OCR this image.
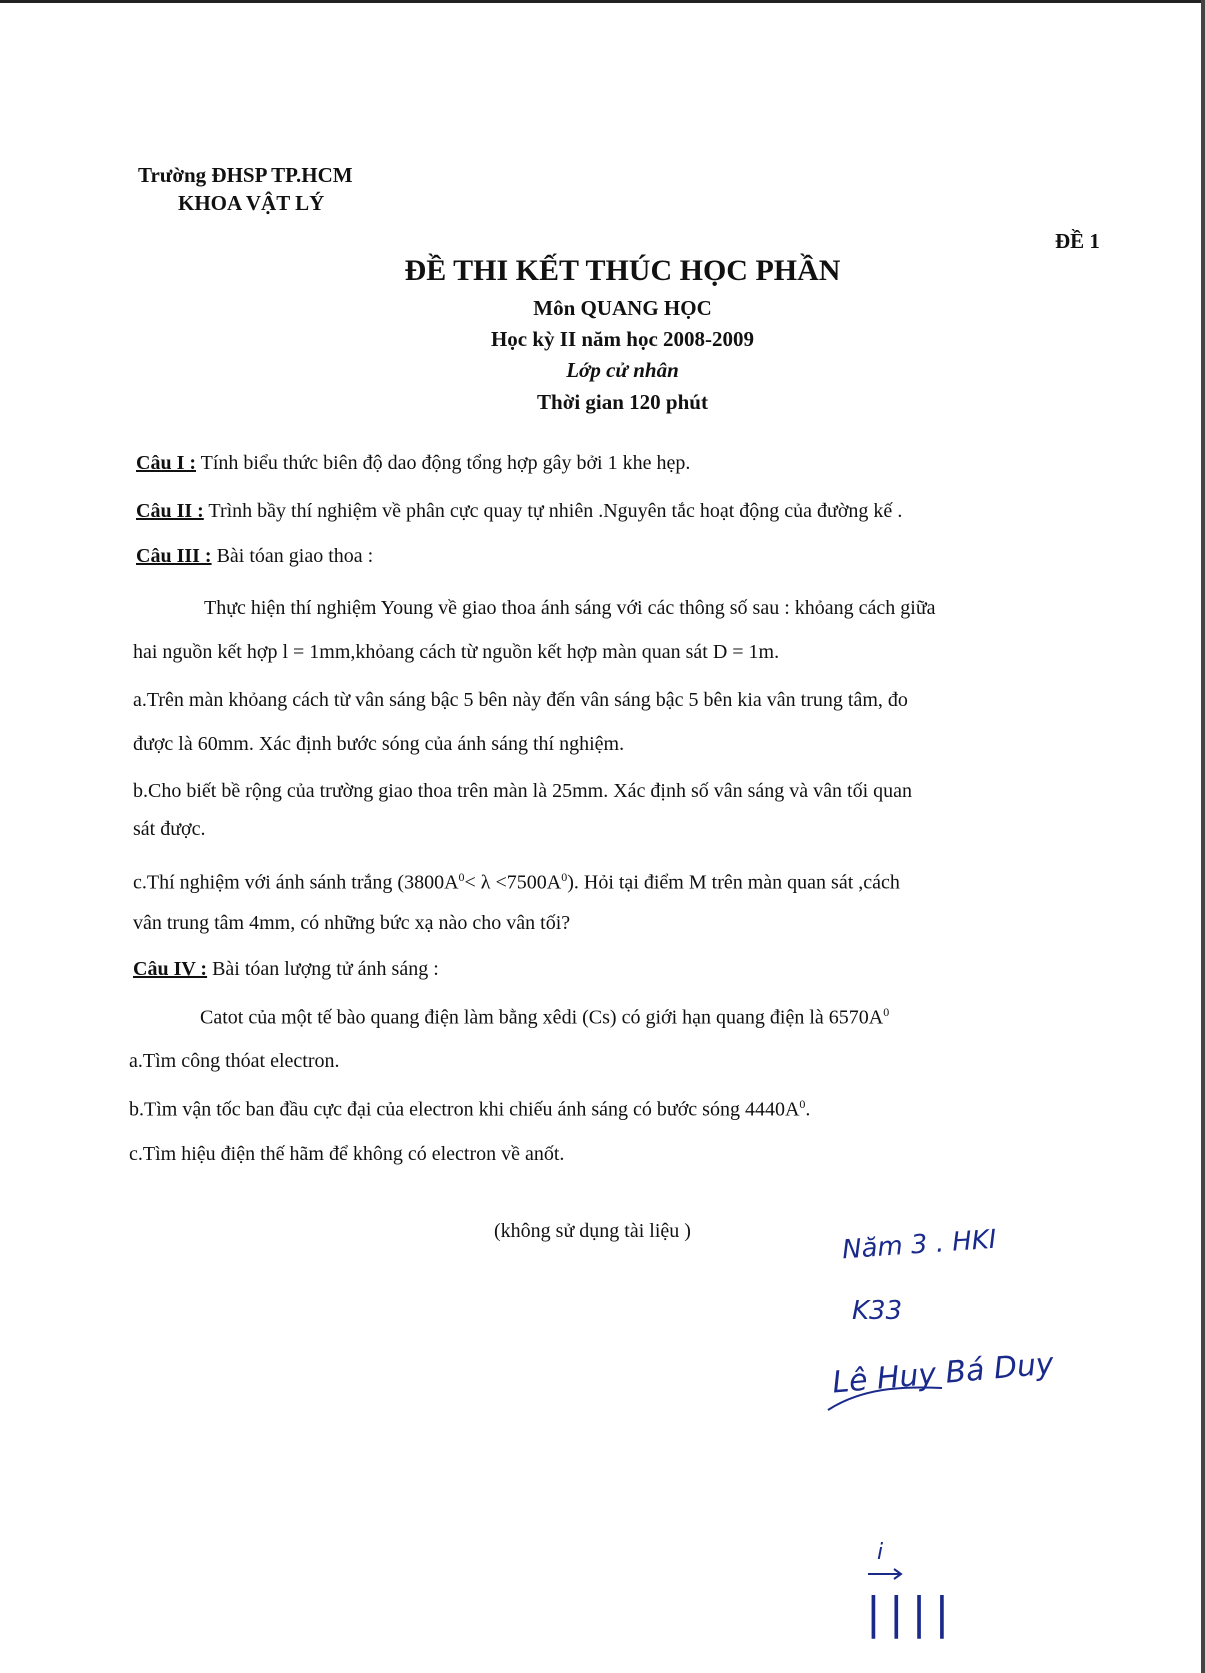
Trường ĐHSP TP.HCM
KHOA VẬT LÝ
ĐỀ 1
ĐỀ THI KẾT THÚC HỌC PHẦN
Môn QUANG HỌC
Học kỳ II năm học 2008-2009
Lớp cử nhân
Thời gian 120 phút
Câu I : Tính biểu thức biên độ dao động tổng hợp gây bởi 1 khe hẹp.
Câu II : Trình bầy thí nghiệm về phân cực quay tự nhiên .Nguyên tắc hoạt động của đường kế .
Câu III : Bài tóan giao thoa :
Thực hiện thí nghiệm Young về giao thoa ánh sáng với các thông số sau : khỏang cách giữa
hai nguồn kết hợp l = 1mm,khỏang cách từ nguồn kết hợp màn quan sát D = 1m.
a.Trên màn khỏang cách từ vân sáng bậc 5 bên này đến vân sáng bậc 5 bên kia vân trung tâm, đo
được là 60mm. Xác định bước sóng của ánh sáng thí nghiệm.
b.Cho biết bề rộng của trường giao thoa trên màn là 25mm. Xác định số vân sáng và vân tối quan
sát được.
c.Thí nghiệm với ánh sánh trắng $(3800A^0< \lambda <7500A^0)$. Hỏi tại điểm M trên màn quan sát ,cách
vân trung tâm 4mm, có những bức xạ nào cho vân tối?
Câu IV : Bài tóan lượng tử ánh sáng :
Catot của một tế bào quang điện làm bằng xêdi (Cs) có giới hạn quang điện là $6570A^0$
a.Tìm công thóat electron.
b.Tìm vận tốc ban đầu cực đại của electron khi chiếu ánh sáng có bước sóng $4440A^0$.
c.Tìm hiệu điện thế hãm để không có electron về anốt.
(không sử dụng tài liệu )	Năm 3 . HKI
K33
Lê Huy Bá Duy
i
||||
